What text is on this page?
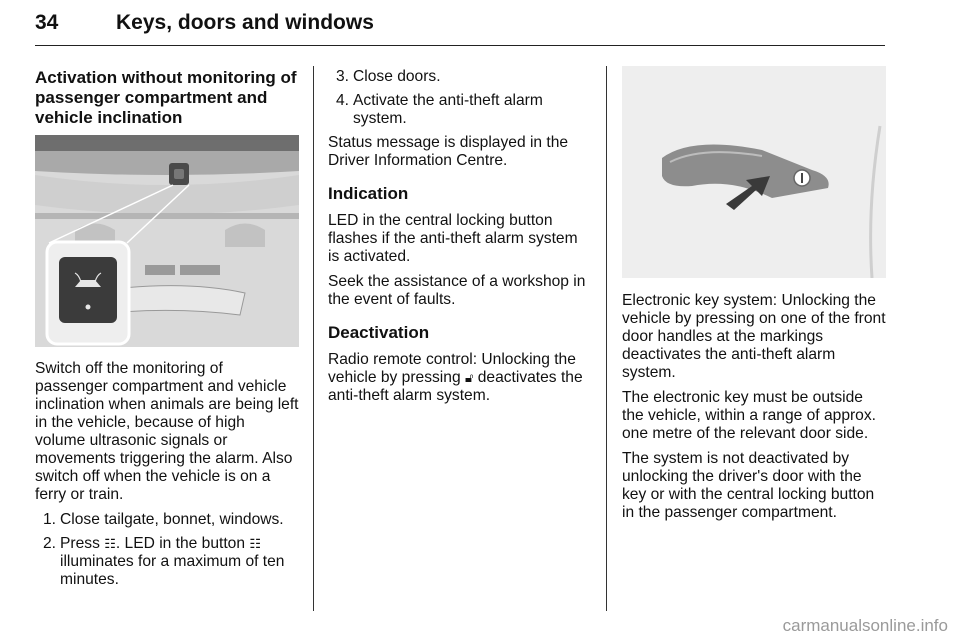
34	Keys, doors and windows
Activation without monitoring of passenger compartment and vehicle inclination

Switch off the monitoring of passenger compartment and vehicle inclination when animals are being left in the vehicle, because of high volume ultrasonic signals or movements triggering the alarm. Also switch off when the vehicle is on a ferry or train.

1. Close tailgate, bonnet, windows.
2. Press ☷. LED in the button ☷ illuminates for a maximum of ten minutes.
3. Close doors.
4. Activate the anti-theft alarm system.

Status message is displayed in the Driver Information Centre.

Indication

LED in the central locking button flashes if the anti-theft alarm system is activated.

Seek the assistance of a workshop in the event of faults.

Deactivation

Radio remote control: Unlocking the vehicle by pressing 🔓︎ deactivates the anti-theft alarm system.

Electronic key system: Unlocking the vehicle by pressing on one of the front door handles at the markings deactivates the anti-theft alarm system.

The electronic key must be outside the vehicle, within a range of approx. one metre of the relevant door side.

The system is not deactivated by unlocking the driver's door with the key or with the central locking button in the passenger compartment.

carmanualsonline.info
